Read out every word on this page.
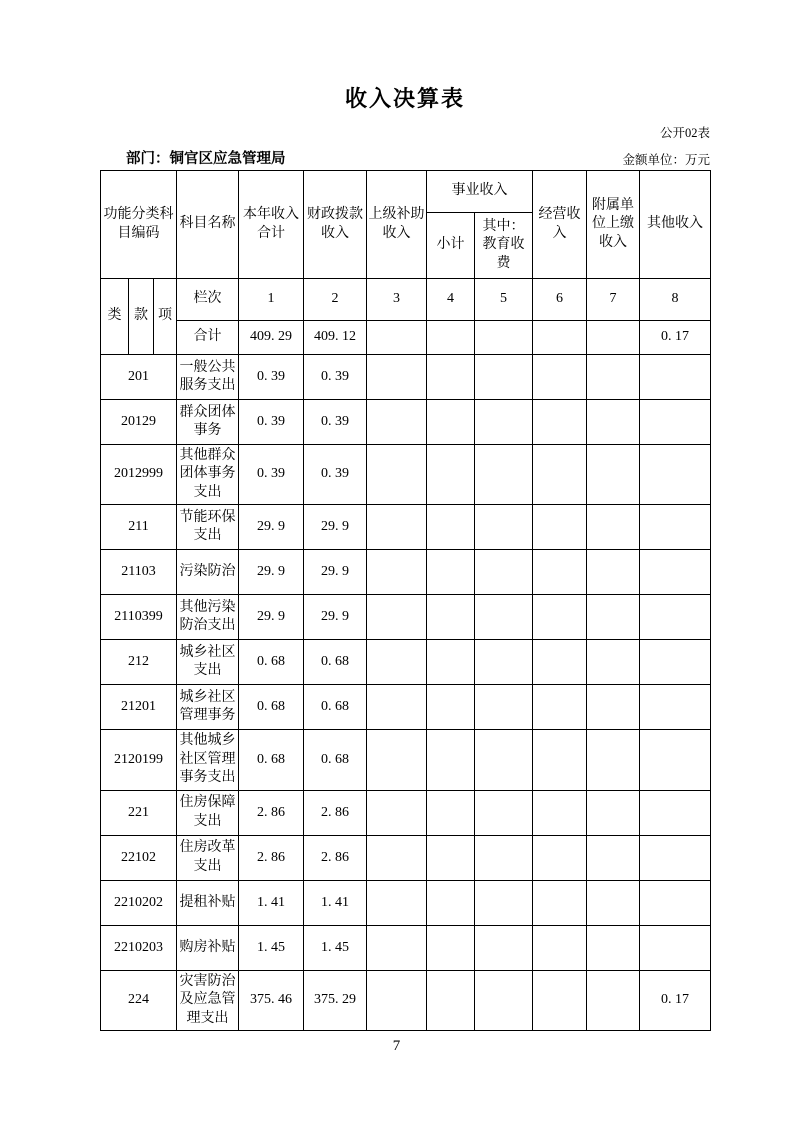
收入决算表
公开02表
部门：铜官区应急管理局	金额单位：万元
功能分类科目编码			科目名称	本年收入合计	财政拨款收入	上级补助收入	事业收入		经营收入	附属单位上缴收入	其他收入
							小计	其中：教育收费			
类	款	项	栏次	1	2	3	4	5	6	7	8
			合计	409. 29	409. 12						0. 17
201			一般公共服务支出	0. 39	0. 39						
20129			群众团体事务	0. 39	0. 39						
2012999			其他群众团体事务支出	0. 39	0. 39						
211			节能环保支出	29. 9	29. 9						
21103			污染防治	29. 9	29. 9						
2110399			其他污染防治支出	29. 9	29. 9						
212			城乡社区支出	0. 68	0. 68						
21201			城乡社区管理事务	0. 68	0. 68						
2120199			其他城乡社区管理事务支出	0. 68	0. 68						
221			住房保障支出	2. 86	2. 86						
22102			住房改革支出	2. 86	2. 86						
2210202			提租补贴	1. 41	1. 41						
2210203			购房补贴	1. 45	1. 45						
224			灾害防治及应急管理支出	375. 46	375. 29						0. 17
7
